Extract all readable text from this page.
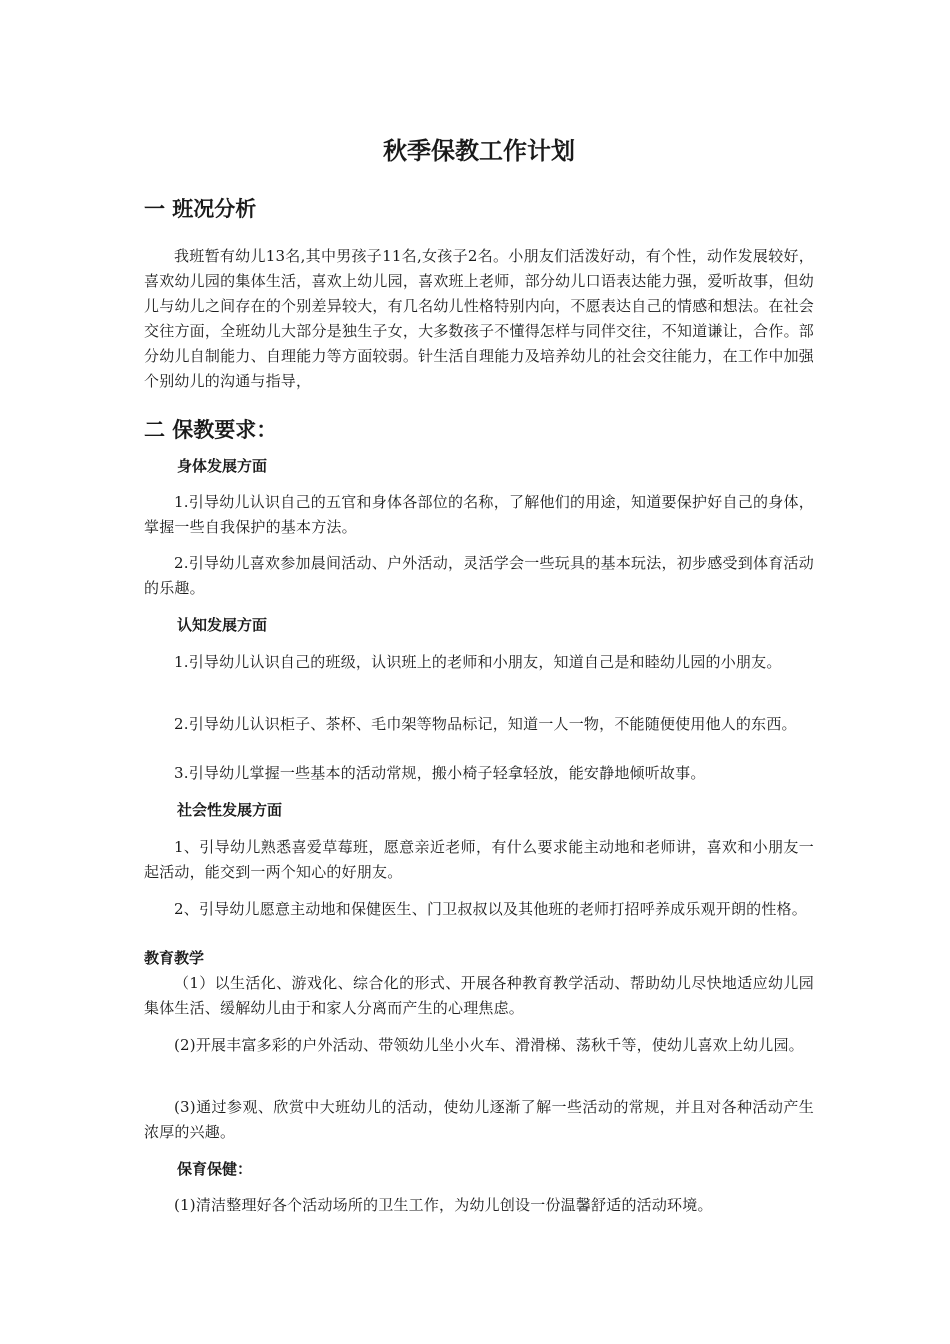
秋季保教工作计划
一 班况分析

我班暂有幼儿13名,其中男孩子11名,女孩子2名。小朋友们活泼好动，有个性，动作发展较好，喜欢幼儿园的集体生活，喜欢上幼儿园，喜欢班上老师，部分幼儿口语表达能力强，爱听故事，但幼儿与幼儿之间存在的个别差异较大，有几名幼儿性格特别内向，不愿表达自己的情感和想法。在社会交往方面，全班幼儿大部分是独生子女，大多数孩子不懂得怎样与同伴交往，不知道谦让，合作。部分幼儿自制能力、自理能力等方面较弱。针生活自理能力及培养幼儿的社会交往能力，在工作中加强个别幼儿的沟通与指导，

二 保教要求：
身体发展方面

1.引导幼儿认识自己的五官和身体各部位的名称，了解他们的用途，知道要保护好自己的身体，掌握一些自我保护的基本方法。

2.引导幼儿喜欢参加晨间活动、户外活动，灵活学会一些玩具的基本玩法，初步感受到体育活动的乐趣。

认知发展方面

1.引导幼儿认识自己的班级，认识班上的老师和小朋友，知道自己是和睦幼儿园的小朋友。

2.引导幼儿认识柜子、茶杯、毛巾架等物品标记，知道一人一物，不能随便使用他人的东西。

3.引导幼儿掌握一些基本的活动常规，搬小椅子轻拿轻放，能安静地倾听故事。

社会性发展方面

1、引导幼儿熟悉喜爱草莓班，愿意亲近老师，有什么要求能主动地和老师讲，喜欢和小朋友一起活动，能交到一两个知心的好朋友。

2、引导幼儿愿意主动地和保健医生、门卫叔叔以及其他班的老师打招呼养成乐观开朗的性格。

教育教学

（1）以生活化、游戏化、综合化的形式、开展各种教育教学活动、帮助幼儿尽快地适应幼儿园集体生活、缓解幼儿由于和家人分离而产生的心理焦虑。

(2)开展丰富多彩的户外活动、带领幼儿坐小火车、滑滑梯、荡秋千等，使幼儿喜欢上幼儿园。

(3)通过参观、欣赏中大班幼儿的活动，使幼儿逐渐了解一些活动的常规，并且对各种活动产生浓厚的兴趣。

保育保健：

(1)清洁整理好各个活动场所的卫生工作，为幼儿创设一份温馨舒适的活动环境。
